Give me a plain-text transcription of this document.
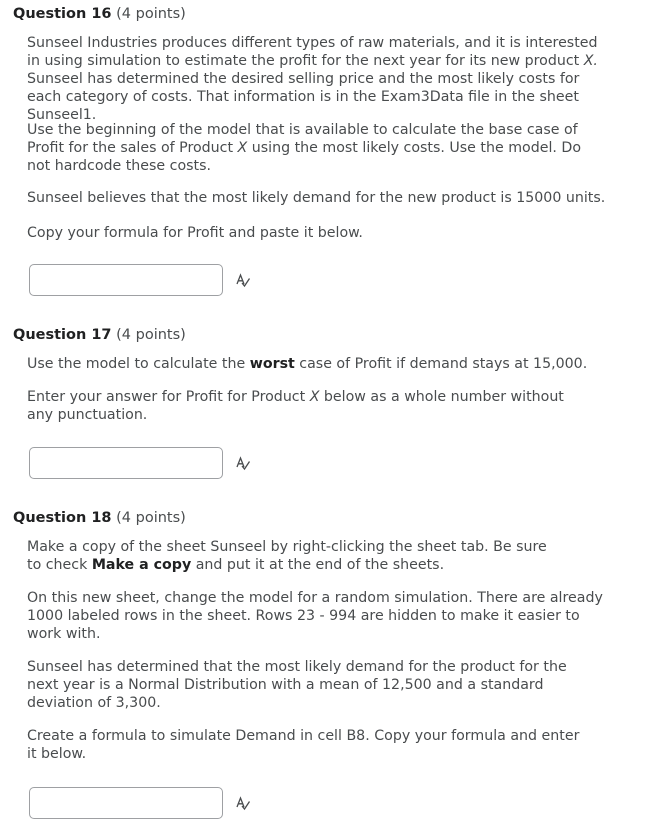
Question 16 (4 points)
Sunseel Industries produces different types of raw materials, and it is interested in using simulation to estimate the profit for the next year for its new product X. Sunseel has determined the desired selling price and the most likely costs for each category of costs. That information is in the Exam3Data file in the sheet Sunseel1.
Use the beginning of the model that is available to calculate the base case of Profit for the sales of Product X using the most likely costs. Use the model. Do not hardcode these costs.
Sunseel believes that the most likely demand for the new product is 15000 units.
Copy your formula for Profit and paste it below.
Question 17 (4 points)
Use the model to calculate the worst case of Profit if demand stays at 15,000.
Enter your answer for Profit for Product X below as a whole number without any punctuation.
Question 18 (4 points)
Make a copy of the sheet Sunseel by right-clicking the sheet tab. Be sure to check Make a copy and put it at the end of the sheets.
On this new sheet, change the model for a random simulation. There are already 1000 labeled rows in the sheet. Rows 23 - 994 are hidden to make it easier to work with.
Sunseel has determined that the most likely demand for the product for the next year is a Normal Distribution with a mean of 12,500 and a standard deviation of 3,300.
Create a formula to simulate Demand in cell B8. Copy your formula and enter it below.
